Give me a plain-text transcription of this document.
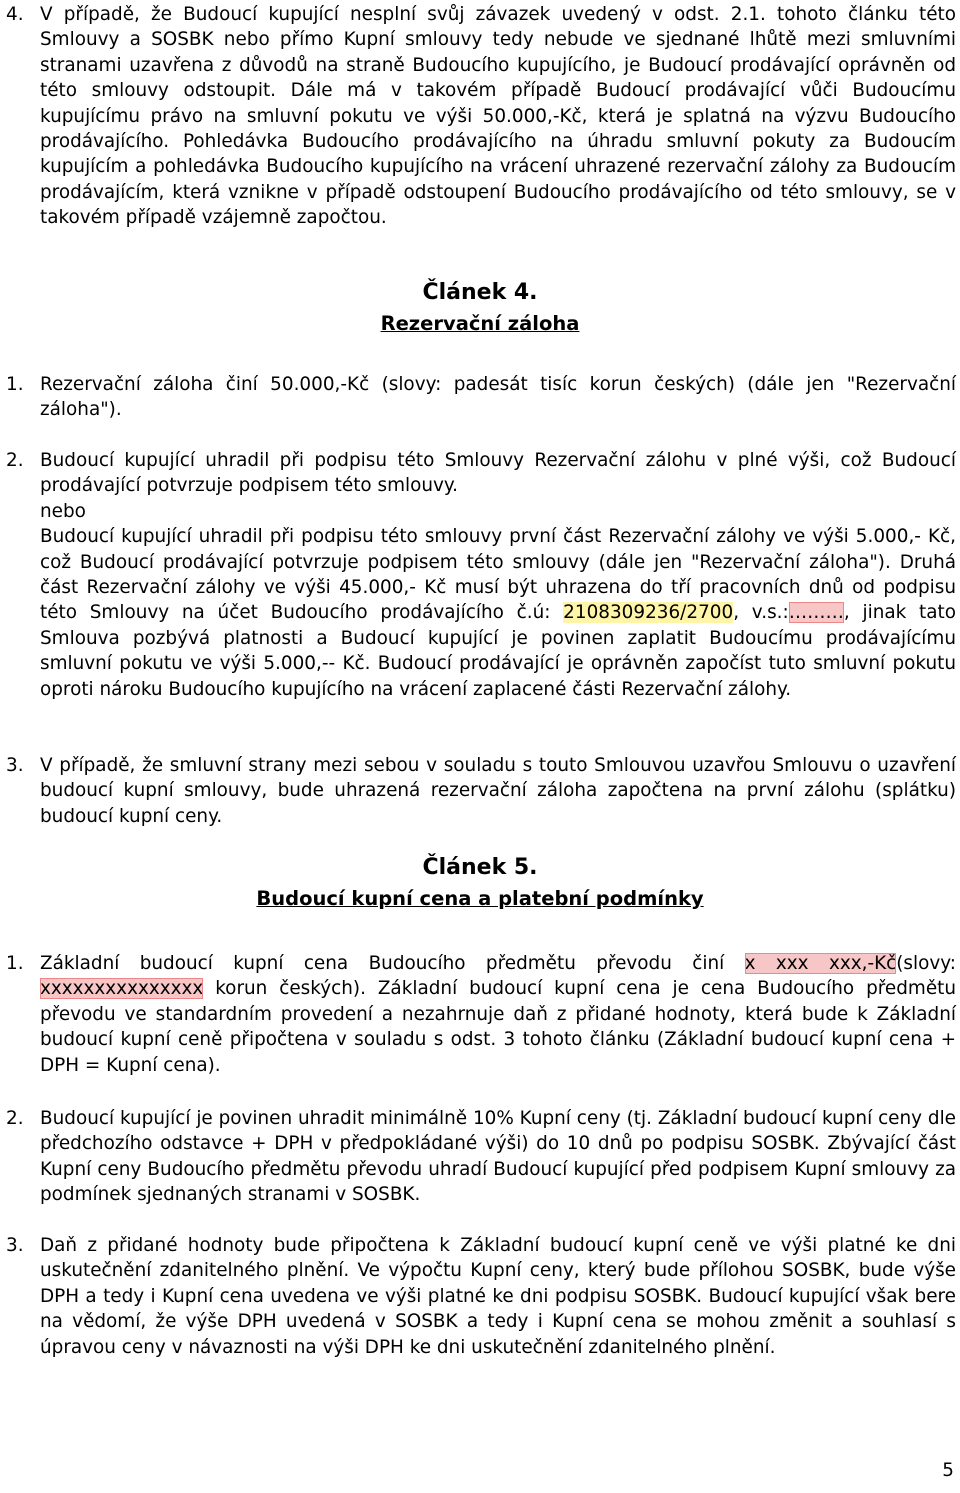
4. V případě, že Budoucí kupující nesplní svůj závazek uvedený v odst. 2.1. tohoto článku této Smlouvy a SOSBK nebo přímo Kupní smlouvy tedy nebude ve sjednané lhůtě mezi smluvními stranami uzavřena z důvodů na straně Budoucího kupujícího, je Budoucí prodávající oprávněn od této smlouvy odstoupit. Dále má v takovém případě Budoucí prodávající vůči Budoucímu kupujícímu právo na smluvní pokutu ve výši 50.000,-Kč, která je splatná na výzvu Budoucího prodávajícího. Pohledávka Budoucího prodávajícího na úhradu smluvní pokuty za Budoucím kupujícím a pohledávka Budoucího kupujícího na vrácení uhrazené rezervační zálohy za Budoucím prodávajícím, která vznikne v případě odstoupení Budoucího prodávajícího od této smlouvy, se v takovém případě vzájemně započtou.
Článek 4.
Rezervační záloha
1. Rezervační záloha činí 50.000,-Kč (slovy: padesát tisíc korun českých) (dále jen "Rezervační záloha").
2. Budoucí kupující uhradil při podpisu této Smlouvy Rezervační zálohu v plné výši, což Budoucí prodávající potvrzuje podpisem této smlouvy.
nebo
Budoucí kupující uhradil při podpisu této smlouvy první část Rezervační zálohy ve výši 5.000,- Kč, což Budoucí prodávající potvrzuje podpisem této smlouvy (dále jen "Rezervační záloha"). Druhá část Rezervační zálohy ve výši 45.000,- Kč musí být uhrazena do tří pracovních dnů od podpisu této Smlouvy na účet Budoucího prodávajícího č.ú: 2108309236/2700, v.s.:………, jinak tato Smlouva pozbývá platnosti a Budoucí kupující je povinen zaplatit Budoucímu prodávajícímu smluvní pokutu ve výši 5.000,-- Kč. Budoucí prodávající je oprávněn započíst tuto smluvní pokutu oproti nároku Budoucího kupujícího na vrácení zaplacené části Rezervační zálohy.
3. V případě, že smluvní strany mezi sebou v souladu s touto Smlouvou uzavřou Smlouvu o uzavření budoucí kupní smlouvy, bude uhrazená rezervační záloha započtena na první zálohu (splátku) budoucí kupní ceny.
Článek 5.
Budoucí kupní cena a platební podmínky
1. Základní budoucí kupní cena Budoucího předmětu převodu činí x xxx xxx,-Kč(slovy: xxxxxxxxxxxxxxx korun českých). Základní budoucí kupní cena je cena Budoucího předmětu převodu ve standardním provedení a nezahrnuje daň z přidané hodnoty, která bude k Základní budoucí kupní ceně připočtena v souladu s odst. 3 tohoto článku (Základní budoucí kupní cena + DPH = Kupní cena).
2. Budoucí kupující je povinen uhradit minimálně 10% Kupní ceny (tj. Základní budoucí kupní ceny dle předchozího odstavce + DPH v předpokládané výši) do 10 dnů po podpisu SOSBK. Zbývající část Kupní ceny Budoucího předmětu převodu uhradí Budoucí kupující před podpisem Kupní smlouvy za podmínek sjednaných stranami v SOSBK.
3. Daň z přidané hodnoty bude připočtena k Základní budoucí kupní ceně ve výši platné ke dni uskutečnění zdanitelného plnění. Ve výpočtu Kupní ceny, který bude přílohou SOSBK, bude výše DPH a tedy i Kupní cena uvedena ve výši platné ke dni podpisu SOSBK. Budoucí kupující však bere na vědomí, že výše DPH uvedená v SOSBK a tedy i Kupní cena se mohou změnit a souhlasí s úpravou ceny v návaznosti na výši DPH ke dni uskutečnění zdanitelného plnění.
5
